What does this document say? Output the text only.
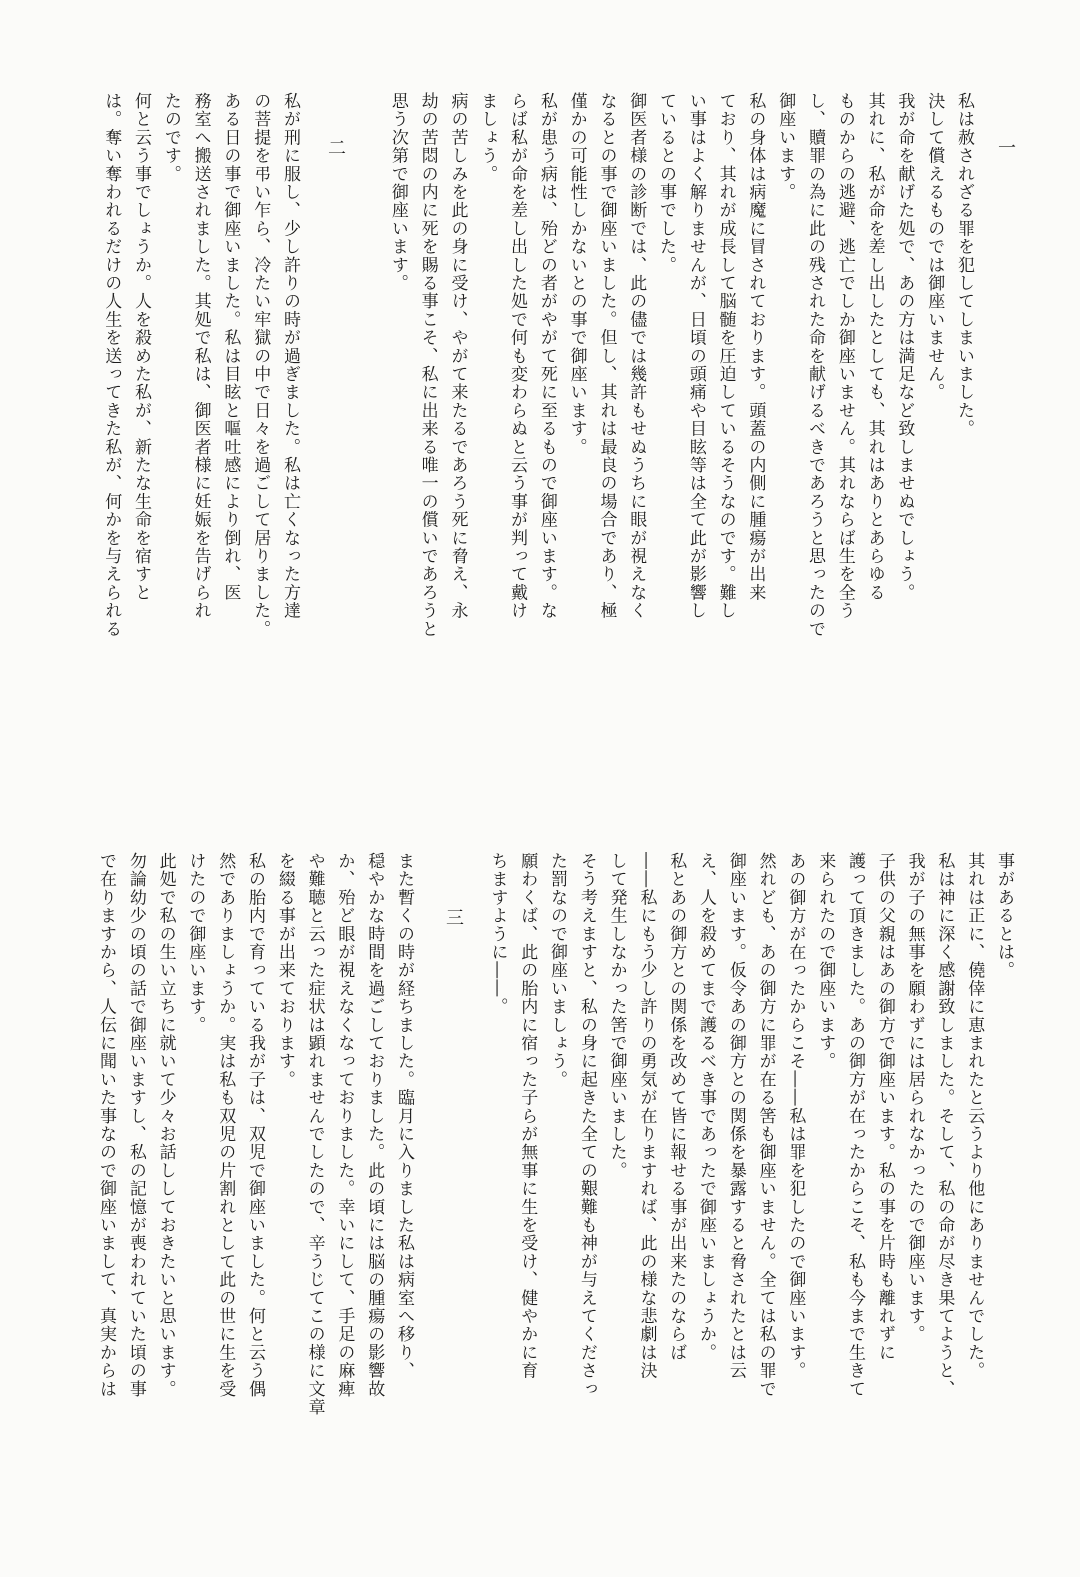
一

私は赦されざる罪を犯してしまいました。

決して償えるものでは御座いません。

我が命を献げた処で、あの方は満足など致しませぬでしょう。

其れに、私が命を差し出したとしても、其れはありとあらゆる

ものからの逃避、逃亡でしか御座いません。其れならば生を全う

し、贖罪の為に此の残された命を献げるべきであろうと思ったので

御座います。

私の身体は病魔に冒されております。頭蓋の内側に腫瘍が出来

ており、其れが成長して脳髄を圧迫しているそうなのです。難し

い事はよく解りませんが、日頃の頭痛や目眩等は全て此が影響し

ているとの事でした。

御医者様の診断では、此の儘では幾許もせぬうちに眼が視えなく

なるとの事で御座いました。但し、其れは最良の場合であり、極

僅かの可能性しかないとの事で御座います。

私が患う病は、殆どの者がやがて死に至るもので御座います。な

らば私が命を差し出した処で何も変わらぬと云う事が判って戴け

ましょう。

病の苦しみを此の身に受け、やがて来たるであろう死に脅え、永

劫の苦悶の内に死を賜る事こそ、私に出来る唯一の償いであろうと

思う次第で御座います。

二

私が刑に服し、少し許りの時が過ぎました。私は亡くなった方達

の菩提を弔い乍ら、冷たい牢獄の中で日々を過ごして居りました。

ある日の事で御座いました。私は目眩と嘔吐感により倒れ、医

務室へ搬送されました。其処で私は、御医者様に妊娠を告げられ

たのです。

何と云う事でしょうか。人を殺めた私が、新たな生命を宿すと

は。奪い奪われるだけの人生を送ってきた私が、何かを与えられる

事があるとは。

其れは正に、僥倖に恵まれたと云うより他にありませんでした。

私は神に深く感謝致しました。そして、私の命が尽き果てようと、

我が子の無事を願わずには居られなかったので御座います。

子供の父親はあの御方で御座います。私の事を片時も離れずに

護って頂きました。あの御方が在ったからこそ、私も今まで生きて

来られたので御座います。

あの御方が在ったからこそ――私は罪を犯したので御座います。

然れども、あの御方に罪が在る筈も御座いません。全ては私の罪で

御座います。仮令あの御方との関係を暴露すると脅されたとは云

え、人を殺めてまで護るべき事であったで御座いましょうか。

私とあの御方との関係を改めて皆に報せる事が出来たのならば

――私にもう少し許りの勇気が在りますれば、此の様な悲劇は決

して発生しなかった筈で御座いました。

そう考えますと、私の身に起きた全ての艱難も神が与えてくださっ

た罰なので御座いましょう。

願わくば、此の胎内に宿った子らが無事に生を受け、健やかに育

ちますように――。

三

また暫くの時が経ちました。臨月に入りました私は病室へ移り、

穏やかな時間を過ごしておりました。此の頃には脳の腫瘍の影響故

か、殆ど眼が視えなくなっておりました。幸いにして、手足の麻痺

や難聴と云った症状は顕れませんでしたので、辛うじてこの様に文章

を綴る事が出来ております。

私の胎内で育っている我が子は、双児で御座いました。何と云う偶

然でありましょうか。実は私も双児の片割れとして此の世に生を受

けたので御座います。

此処で私の生い立ちに就いて少々お話ししておきたいと思います。

勿論幼少の頃の話で御座いますし、私の記憶が喪われていた頃の事

で在りますから、人伝に聞いた事なので御座いまして、真実からは
